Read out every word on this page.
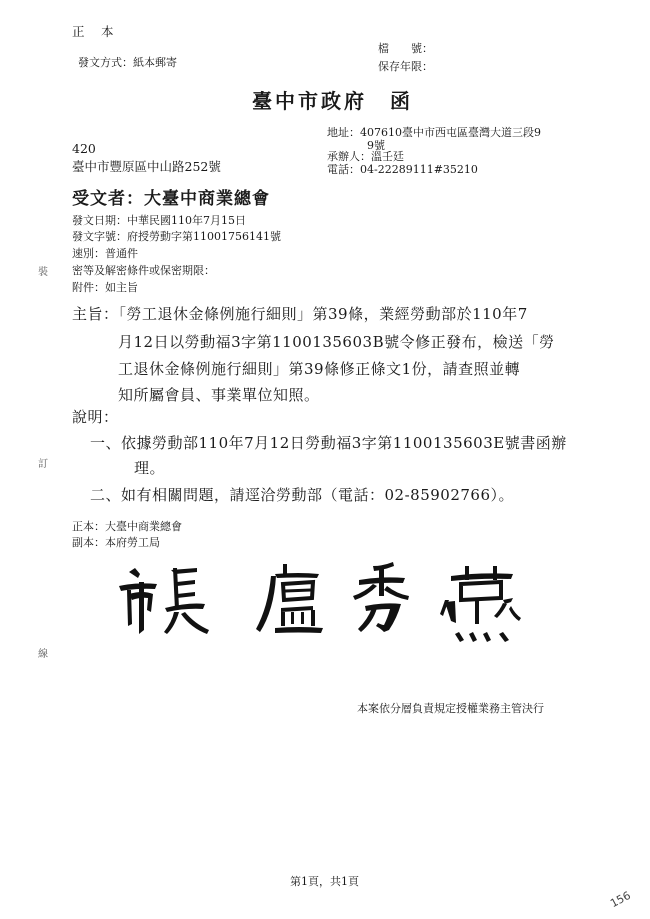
正　本
發文方式：紙本郵寄
檔　　號：
保存年限：
臺中市政府　函
地址：407610臺中市西屯區臺灣大道三段9
9號
承辦人：溫壬廷
電話：04-22289111#35210
420
臺中市豐原區中山路252號
受文者：大臺中商業總會
發文日期：中華民國110年7月15日
發文字號：府授勞動字第11001756141號
速別：普通件
密等及解密條件或保密期限：
附件：如主旨
主旨：「勞工退休金條例施行細則」第39條，業經勞動部於110年7
月12日以勞動福3字第1100135603B號令修正發布，檢送「勞
工退休金條例施行細則」第39條修正條文1份，請查照並轉
知所屬會員、事業單位知照。
說明：
一、依據勞動部110年7月12日勞動福3字第1100135603E號書函辦
理。
二、如有相關問題，請逕洽勞動部（電話：02-85902766）。
正本：大臺中商業總會
副本：本府勞工局
本案依分層負責規定授權業務主管決行
裝
訂
線
第1頁，共1頁
156
